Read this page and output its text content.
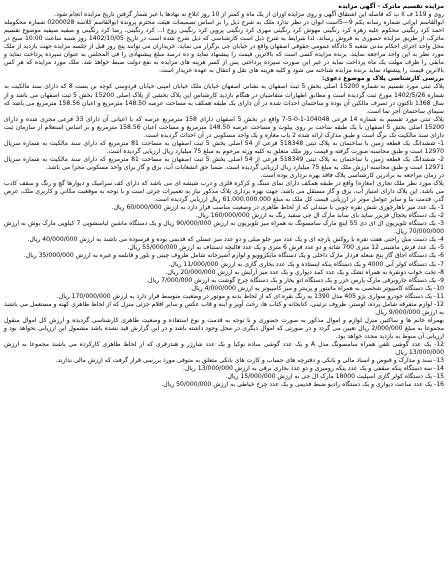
مزایده تقسیم ماترک - آگهی مزایده

روی و 119 ف اا ب که فاصله این اشتقاق آگهی و روی مزایده اوزان از یک ماه و کمتر از 10 روز ابلاغ به نهادها با غیر شمار گرفتن تاریخ مزایده انجام شود.

ابوالقاسم ایرانی شماره رسانه یکم 9—5است ابوان در نظر ندارد ملک به شرح ذیل را بر اساس تصمیمات هیئت محترم پرونده ابوالقاسم کلاسه 0200028 شماره محکومله احمد کرد رنگینی محکوم علیه زهره کرد رنگینی مهوش کرد رنگینی مهری کرد رنگینی پروین کرد رنگینی روح ا... کرد رنگینی، رضا کرد رنگینی و صفیه صیفیه موضوع تقسیم ماترک، از طریق مزایده حضوری به فروش رساند. لذا شرایط به شرح ذیل است کارشناسی که ذیل شرح شده است در تاریخ 1402/10/05 روز شنبه ساعت 10:00 صبح در محل واحد اجرای احکام مدنی شعبه 5 دادگاه عمومی حقوقی اصفهان واقع در خیابان جی برگزار می نماید. خریداران می توانند پنج روز قبل از جلسه مزایده جهت بازدید از ملک مورد نظر به این واحد مراجعه نمایند. برنده مزایده کسی است که بالاترین قیمت را پیشنهاد نماید و ده درصد مبلغ پیشنهادی را فی المجلس به عنوان سپرده پرداخت نماید و مابقی را ظرف مهلت یک ماه پرداخت نماید در غیر این صورت سپرده پرداختی پس از کسر هزینه های مزایده به نفع دولت ضبط خواهد شد. ملک مورد مزایده که هر کس بالاترین قیمت را پیشنهاد نماید برنده مزایده شناخته می شود و کلیه هزینه های نقل و انتقال به عهده خریدار است.

بررسی کارشناسی پلاک و موضوع دعوی:

پلاک ثبتی مورد تقسیم به شماره 15200 اصلی بخش 5 ثبت اصفهان به نشانی اصفهان خیابان ملک خیابان امینی خیابان فردوسی کوچه بن بست 8 که دارای سند مالکیت به شماره 1402/5/26 مورخ ثبت گردیده است و مطابق اظهارات متقاضیان در هنگام بازدید کارشناس این پلاک بخشی از پلاک اصلی 15200 بخش 5 ثبت اصفهان می باشد و از سال 1368 تاکنون در تصرف مالکین آن بوده و ساختمان احداث شده در آن دارای یک طبقه همکف به مساحت عرصه 148.50 مترمربع و اعیان 158.56 مترمربع می باشد که سیمای ساختمان آجر نما است.

پلاک ثبتی مورد تقسیم به شماره 14 فرعی 104048-1-0-5-7 واقع در بخش 5 اصفهان دارای 158 مترمربع عرصه که با اعیانی آن دارای 33 فرعی مجزی شده و دارای 15200 اصلی بخش 5 اصفهان با یک طبقه ساخت بر روی پیلوت و مساحت عرصه 148.50 مترمربع و مساحت اعیان 158.56 مترمربع و بر اساس استعلام از سازمان ثبت دارای سند مالکیت تک برگ است و طبق مدارک ارائه شده 2 باب مغازه و یک واحد مسکونی در آن احداث گردیده است.

1- ششدانگ یک قطعه زمین با ساختمان به پلاک ثبتی 518348 فرعی از 54 اصلی بخش 5 ثبت اصفهان به مساحت 81 مترمربع که دارای سند مالکیت به شماره سریال 12970 است و طبق محاسبه صورت گرفته و قیمت روز ملک متعلق به کلیه ورثه مرحوم به مبلغ 75 میلیارد ریال ارزیابی گردیده است.

2- ششدانگ یک قطعه زمین با ساختمان به پلاک ثبتی 518349 فرعی از 54 اصلی بخش 5 ثبت اصفهان به مساحت 81 مترمربع که دارای سند مالکیت به شماره سریال 12971 است و طبق محاسبه ارزش ملک به مبلغ 75 میلیارد ریال ارزیابی گردیده است. ضمنا حق انشعابات آب، برق و گاز برای واحد مسکونی مجزا می باشد.

در زمان مراجعه به برادرین کارشناسی پلاک فاقد بهره برداری بوده است.

پلاک مورد نظر ملک تجاری (مغازه) واقع در طبقه همکف دارای نمای سنگ و کرکره فلزی و درب شیشه ای می باشد که دارای کف سرامیک و دیوارها گچ و رنگ و سقف کاذب می باشد. این پلاک دارای امتیاز آب، برق و گاز مستقل می باشد. جهت بهره برداری پلاک مذکور نیاز به تعمیرات جزئی است و با توجه به موقعیت مکانی و کاربری ملک، عرض گذر، قدمت بنا و سایر عوامل موثر در ارزیابی قیمت کل ملک به مبلغ 61.000.000.000 ریال ارزیابی گردیده است.

1- یک عدد میز ناهارخوری شش نفره چوبی با صندلی که از لحاظ ظاهری در وضعیت مناسب قرار دارد به ارزش 60/000/000 ریال.

2- یک دستگاه یخچال فریزر ساید بای ساید مارک ال جی سفید رنگ به ارزش 160/000/000 ریال.

3- یک دستگاه تلویزیون ال ای دی 55 اینچ مارک سامسونگ به همراه میز تلویزیون به ارزش 90/000/000 ریال و یک دستگاه ماشین لباسشویی 7 کیلویی مارک بوش به ارزش 70/000/000 ریال.

4- یک دست مبل راحتی هفت نفره با روکش پارچه ای و یک عدد میز جلو مبلی و دو عدد میز عسلی که قدیمی بوده و فرسوده می باشند به ارزش 40/000/000 ریال.

5- یک عدد فرش ماشینی 12 متری 700 شانه و دو عدد فرش 6 متری و یک عدد قالیچه دستباف به ارزش 55/000/000 ریال.

6- یک دستگاه اجاق گاز پنج شعله فردار مارک داخلی و یک دستگاه مایکروویو و لوازم آشپزخانه شامل ظروف چینی و بلور و قابلمه و غیره به ارزش 35/000/000 ریال.

7- یک دستگاه کولر آبی 4000 و یک دستگاه پنکه ایستاده و یک عدد بخاری گازی به ارزش 11/000/000 ریال.

8- تخت خواب دونفره به همراه تشک و یک عدد کمد دیواری و یک عدد میز آرایش به ارزش 20/000/000 ریال.

9- یک دستگاه جاروبرقی مارک پارس خزر و یک دستگاه اتو بخار و یک دستگاه چرخ گوشت به ارزش 7/000/000 ریال.

10- یک دستگاه کامپیوتر شخصی به همراه مانیتور و پرینتر و میز کامپیوتر به ارزش 4/000/000 ریال.

11- یک دستگاه خودرو سواری پژو 405 مدل 1390 به رنگ نقره ای که از لحاظ بدنه و موتور در وضعیت متوسط قرار دارد به ارزش 170/000/000 ریال.

12- لوازم متفرقه شامل پرده، لوستر، ظروف تزئینی، کتابخانه و کتاب ها، رخت آویز و آینه و قاب عکس و سایر اقلام جزئی منزل که از لحاظ ظاهری کهنه و مستعمل می باشند به ارزش 9/000/000 ریال.

بهمراه خانم ها و ساکنین منزل لوازم و اموال مذکور به صورت حضوری و با توجه به قدمت و نوع استفاده و وضعیت ظاهری کارشناسی گردیده و ارزش کل اموال منقول مجموعا به مبلغ 2/000/000 ریال تعیین می گردد و در صورتی که اموال دیگری در محل وجود داشته باشد و در این گزارش قید نشده باشد مشمول این ارزیابی نخواهد بود و ارزیابی آن منوط به بازدید مجدد خواهد بود.

12- یک عدد گوشی تلفن همراه سامسونگ مدل A و یک عدد گوشی ساده نوکیا و یک عدد شارژر و هندزفری که از لحاظ ظاهری کارکرده می باشند مجموعا به ارزش 13/000/000 ریال.

13- سند و مدارک و قبوض و اسناد مالی و بانکی و دفترچه های حساب و کارت های بانکی متعلق به متوفی مورد بررسی قرار گرفت که ارزش مالی ندارند.

14- سه دستگاه پنکه سقفی و یک عدد پنکه رومیزی و دو عدد بخاری برقی به ارزش 13/000/000 ریال.

15- یک دستگاه کولر گازی اسپلیت 18000 مارک ال جی به ارزش 15/000/000 ریال.

16- یک عدد ساعت دیواری و یک دستگاه رادیو ضبط قدیمی و یک عدد چرخ خیاطی به ارزش 50/000/000 ریال.
